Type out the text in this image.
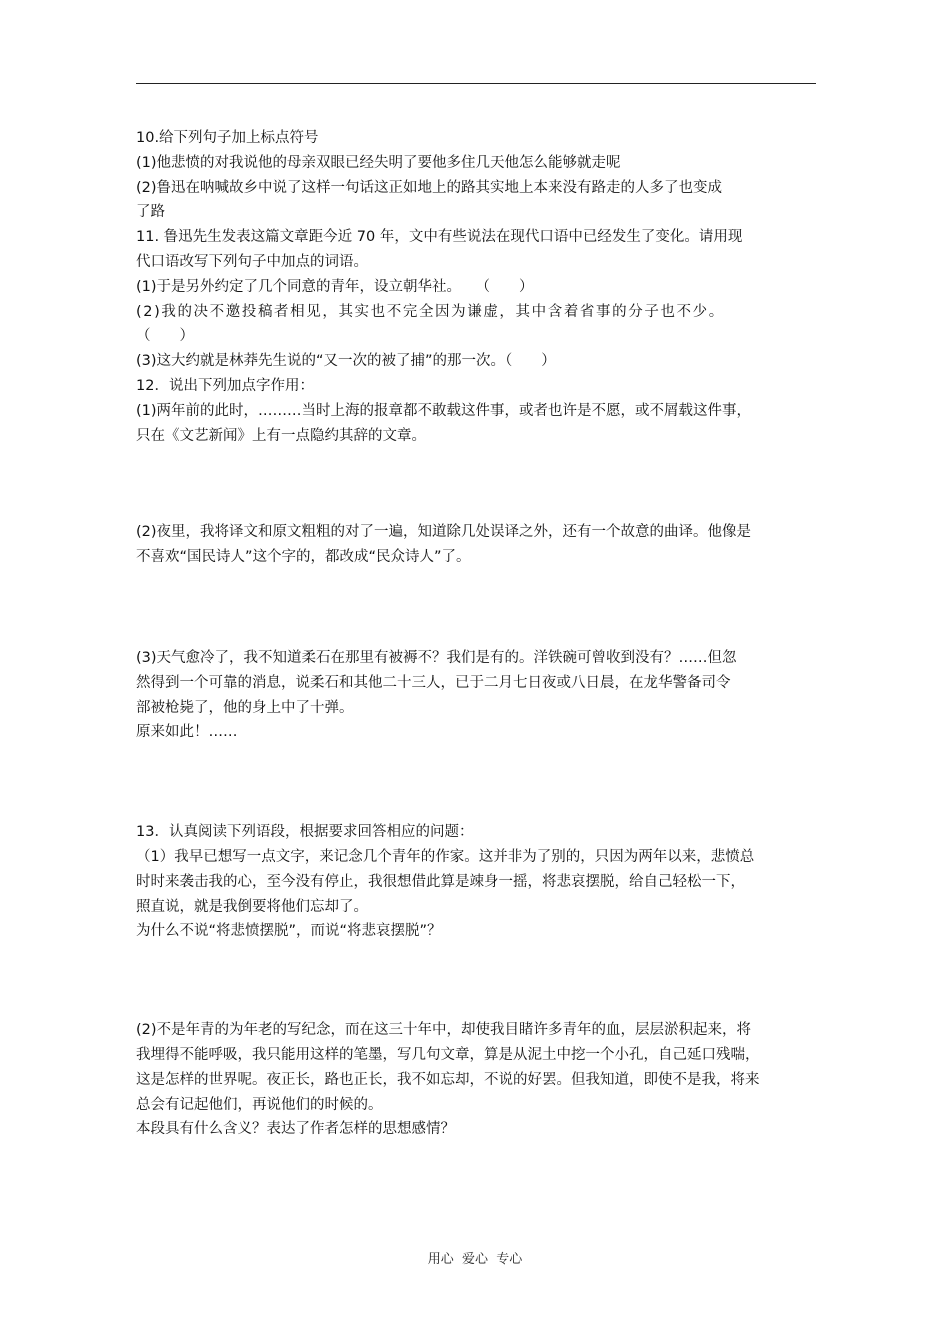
10.给下列句子加上标点符号
(1)他悲愤的对我说他的母亲双眼已经失明了要他多住几天他怎么能够就走呢
(2)鲁迅在呐喊故乡中说了这样一句话这正如地上的路其实地上本来没有路走的人多了也变成
了路
11. 鲁迅先生发表这篇文章距今近 70 年，文中有些说法在现代口语中已经发生了变化。请用现
代口语改写下列句子中加点的词语。
(1)于是另外约定了几个同意的青年，设立朝华社。　　（　　）
(2)我的决不邀投稿者相见，其实也不完全因为谦虚，其中含着省事的分子也不少。
（　　）
(3)这大约就是林莽先生说的“又一次的被了捕”的那一次。（　　）
12．说出下列加点字作用：
(1)两年前的此时，………当时上海的报章都不敢载这件事，或者也许是不愿，或不屑载这件事，
只在《文艺新闻》上有一点隐约其辞的文章。
(2)夜里，我将译文和原文粗粗的对了一遍，知道除几处误译之外，还有一个故意的曲译。他像是
不喜欢“国民诗人”这个字的，都改成“民众诗人”了。
(3)天气愈冷了，我不知道柔石在那里有被褥不？我们是有的。洋铁碗可曾收到没有？……但忽
然得到一个可靠的消息，说柔石和其他二十三人，已于二月七日夜或八日晨，在龙华警备司令
部被枪毙了，他的身上中了十弹。
原来如此！……
13．认真阅读下列语段，根据要求回答相应的问题：
（1）我早已想写一点文字，来记念几个青年的作家。这并非为了别的，只因为两年以来，悲愤总
时时来袭击我的心，至今没有停止，我很想借此算是竦身一摇，将悲哀摆脱，给自己轻松一下，
照直说，就是我倒要将他们忘却了。
为什么不说“将悲愤摆脱”，而说“将悲哀摆脱”？
(2)不是年青的为年老的写纪念，而在这三十年中，却使我目睹许多青年的血，层层淤积起来，将
我埋得不能呼吸，我只能用这样的笔墨，写几句文章，算是从泥土中挖一个小孔，自己延口残喘，
这是怎样的世界呢。夜正长，路也正长，我不如忘却，不说的好罢。但我知道，即使不是我，将来
总会有记起他们，再说他们的时候的。
本段具有什么含义？表达了作者怎样的思想感情？
用心  爱心  专心
